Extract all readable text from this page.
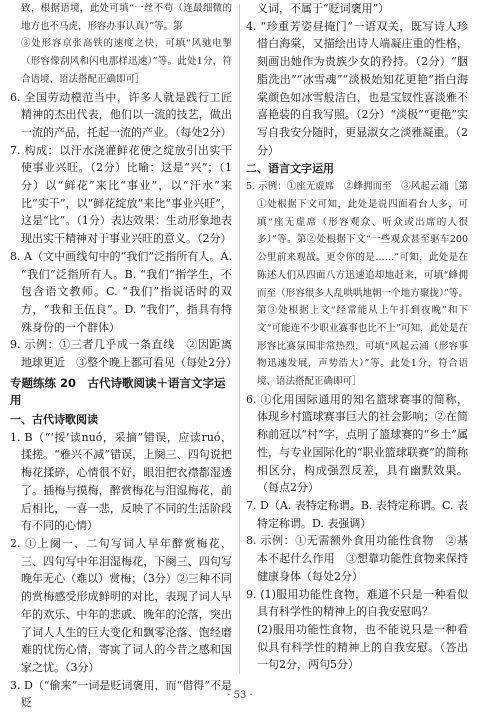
致，根据语境，此处可填“一丝不苟（连最细微的地方也不马虎，形容办事认真）”等。第

③处形容京张高铁的速度之快，可填“风驰电掣（形容像刮风和闪电那样迅速）”等。此处1分，符合语境、语法搭配正确即可］

6. 全国劳动模范当中，许多人就是践行工匠精神的杰出代表，他们以一流的技艺，做出一流的产品，托起一流的产业。（每处2分）

7. 构成：以汗水浇灌鲜花使之绽放引出实干使事业兴旺。（2分）比喻：这是“兴”；（1分）以“鲜花”来比“事业”，以“汗水”来比“实干”，以“鲜花绽放”来比“事业兴旺”，这是“比”。（1分）表达效果：生动形象地表现出实干精神对于事业兴旺的意义。（2分）

8. A（文中画线句中的“我们”泛指所有人。A. “我们”泛指所有人。B. “我们”指学生，不包含语文教师。C. “我们”指说话时的双方，“我和王伍良”。D. “我们”，指具有特殊身份的一个群体）

9. 示例：①三者几乎成一条直线　②因距离地球更近　③整个晚上都可看见（每处2分）

专题练练 20　古代诗歌阅读＋语言文字运用
一、古代诗歌阅读

1. B（“‘挼’读nuó，采摘”错误，应读ruó，揉搓。“雅兴不减”错误，上阕三、四句说把梅花揉碎，心情很不好，眼泪把衣襟都湿透了。插梅与摸梅，醉赏梅花与泪湿梅花，前后相比，一喜一悲，反映了不同的生活阶段有不同的心情）

2. ①上阕一、二句写词人早年醉赏梅花，三、四句写中年泪湿梅花，下阕三、四句写晚年无心（难以）赏梅；（3分）②三种不同的赏梅感受形成鲜明的对比，表现了词人早年的欢乐、中年的悲戚、晚年的沦落，突出了词人人生的巨大变化和飘零沦落、饱经磨难的忧伤心情，寄寓了词人的今昔之感和国家之忧。（3分）

3. D（“偷来”一词是贬词褒用，而“借得”不是贬

义词，不属于“贬词褒用”）

4. “珍重芳姿昼掩门”一语双关，既写诗人珍惜白海棠，又描绘出诗人端凝庄重的性格，刻画出她作为贵族少女的矜持。（2分）“胭脂洗出”“冰雪魂”“淡极始知花更艳”指白海棠颜色如冰雪般洁白，也是宝钗性喜淡雅不喜艳装的自我写照。（2分）“淡极”“更艳”实写自我安分随时，更显淑女之淡雅凝重。（2分）

二、语言文字运用

5. 示例：①座无虚席　②蜂拥而至　③风起云涌［第①处根据下文可知，此处是说四面看台人多，可填“座无虚席（形容观众、听众或出席的人很多）”等。第②处根据下文“一些观众甚至驱车200公里前来观战。更令你的是……”可知，此处是在陈述人们从四面八方迅速追却地赶来，可填“蜂拥而至（形容很多人乱哄哄地朝一个地方聚拢）”等。第③处根据上文“经常能从上午打到夜晚”和下文“可能连不少职业赛事也比不上”可知，此处是在形容比赛氛围非常热烈，可填“风起云涌（形容事物迅速发展，声势浩大）”等。此处1分，符合语境、语法搭配正确即可］

6. ①化用国际通用的知名篮球赛事的简称，体现乡村篮球赛事巨大的社会影响；②在简称前冠以“村”字，点明了篮球赛的“乡土”属性，与专业国际化的“职业篮球联赛”的简称相区分，构成强烈反差，具有幽默效果。（每点2分）

7. D（A. 表特定称谓。B. 表特定称谓。C. 表特定称谓。D. 表强调）

8. 示例：①无需额外食用功能性食物　②基本不起什么作用　③想靠功能性食物来保持健康身体（每处2分）

9. (1)服用功能性食物，难道不只是一种看似具有科学性的精神上的自我安慰吗？

(2)服用功能性食物，也不能说只是一种看似具有科学性的精神上的自我安慰。（答出一句2分，两句5分）

· 53 ·
